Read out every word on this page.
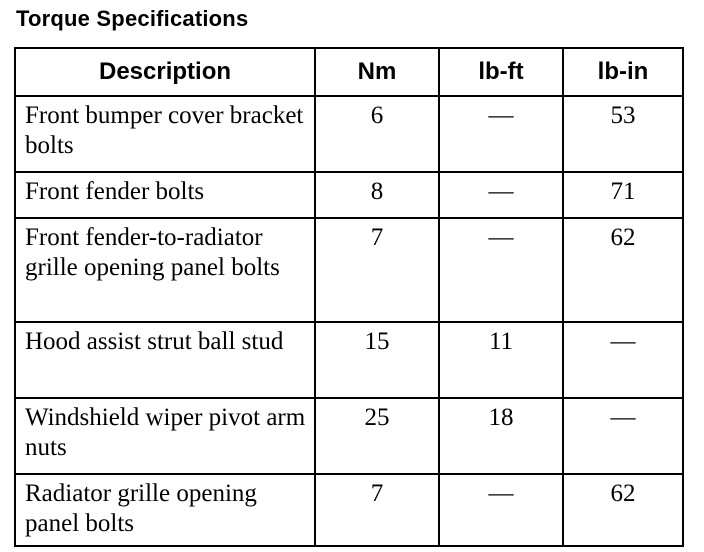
Torque Specifications
Description	Nm	lb-ft	lb-in
Front bumper cover bracket bolts	6	—	53
Front fender bolts	8	—	71
Front fender-to-radiator grille opening panel bolts	7	—	62
Hood assist strut ball stud	15	11	—
Windshield wiper pivot arm nuts	25	18	—
Radiator grille opening panel bolts	7	—	62
